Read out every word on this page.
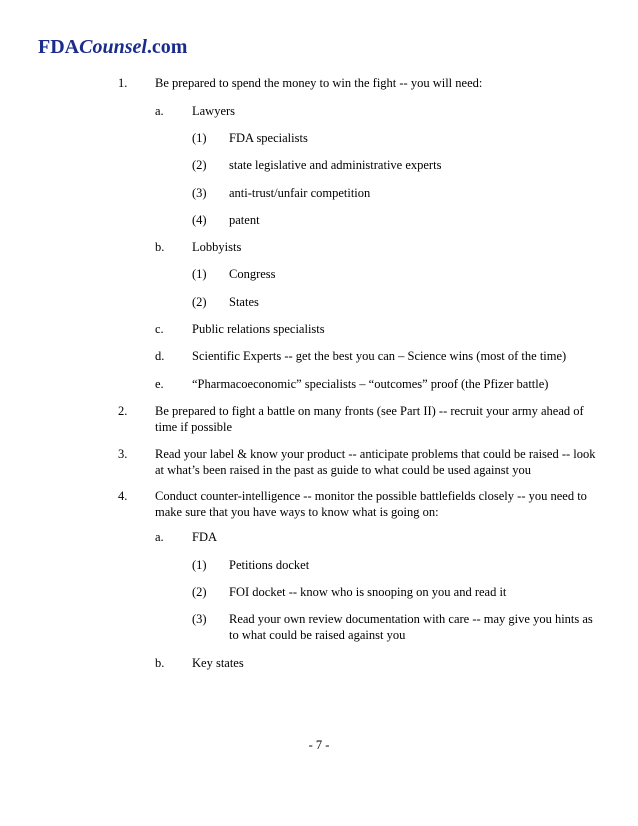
FDACounsel.com
1. Be prepared to spend the money to win the fight -- you will need:
a. Lawyers
(1) FDA specialists
(2) state legislative and administrative experts
(3) anti-trust/unfair competition
(4) patent
b. Lobbyists
(1) Congress
(2) States
c. Public relations specialists
d. Scientific Experts -- get the best you can – Science wins (most of the time)
e. “Pharmacoeconomic” specialists – “outcomes” proof (the Pfizer battle)
2. Be prepared to fight a battle on many fronts (see Part II) -- recruit your army ahead of time if possible
3. Read your label & know your product -- anticipate problems that could be raised -- look at what’s been raised in the past as guide to what could be used against you
4. Conduct counter-intelligence -- monitor the possible battlefields closely -- you need to make sure that you have ways to know what is going on:
a. FDA
(1) Petitions docket
(2) FOI docket -- know who is snooping on you and read it
(3) Read your own review documentation with care -- may give you hints as to what could be raised against you
b. Key states
- 7 -
